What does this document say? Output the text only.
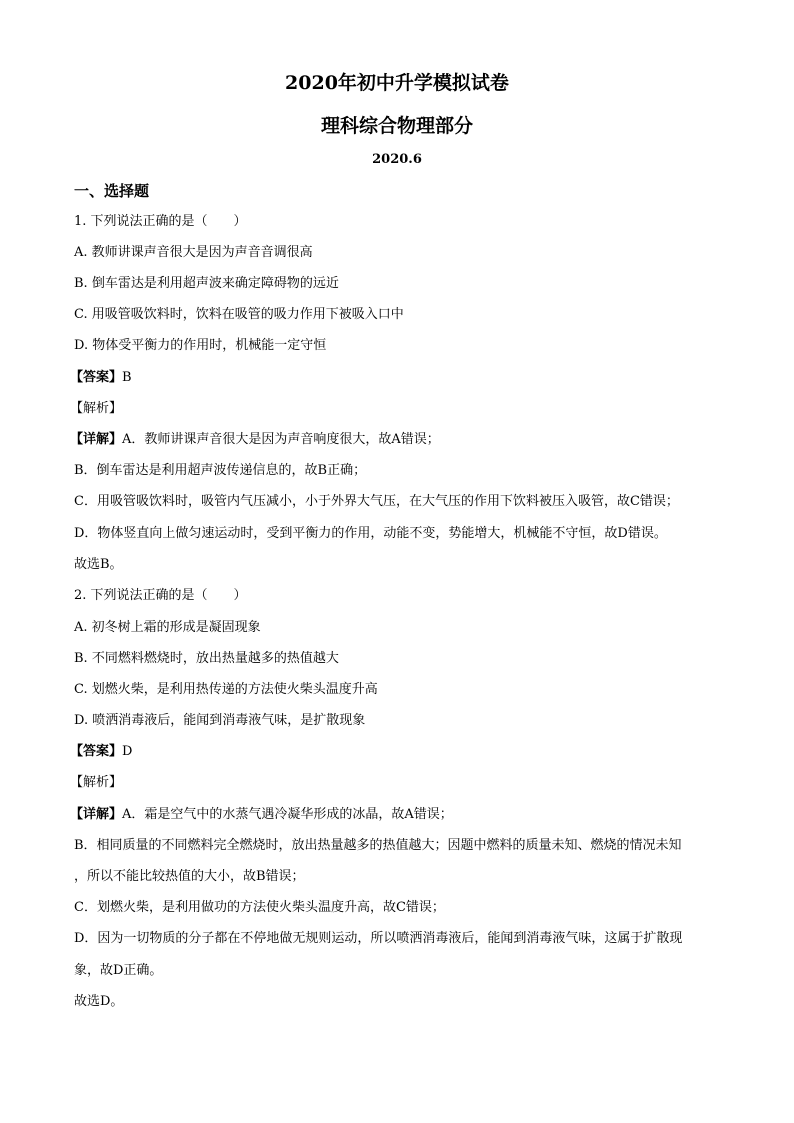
2020年初中升学模拟试卷
理科综合物理部分
2020.6
一、选择题
1. 下列说法正确的是（　　）
A. 教师讲课声音很大是因为声音音调很高
B. 倒车雷达是利用超声波来确定障碍物的远近
C. 用吸管吸饮料时，饮料在吸管的吸力作用下被吸入口中
D. 物体受平衡力的作用时，机械能一定守恒
【答案】B
【解析】
【详解】A．教师讲课声音很大是因为声音响度很大，故A错误；
B．倒车雷达是利用超声波传递信息的，故B正确；
C．用吸管吸饮料时，吸管内气压减小，小于外界大气压，在大气压的作用下饮料被压入吸管，故C错误；
D．物体竖直向上做匀速运动时，受到平衡力的作用，动能不变，势能增大，机械能不守恒，故D错误。
故选B。
2. 下列说法正确的是（　　）
A. 初冬树上霜的形成是凝固现象
B. 不同燃料燃烧时，放出热量越多的热值越大
C. 划燃火柴，是利用热传递的方法使火柴头温度升高
D. 喷洒消毒液后，能闻到消毒液气味，是扩散现象
【答案】D
【解析】
【详解】A．霜是空气中的水蒸气遇冷凝华形成的冰晶，故A错误；
B．相同质量的不同燃料完全燃烧时，放出热量越多的热值越大；因题中燃料的质量未知、燃烧的情况未知
，所以不能比较热值的大小，故B错误；
C．划燃火柴，是利用做功的方法使火柴头温度升高，故C错误；
D．因为一切物质的分子都在不停地做无规则运动，所以喷洒消毒液后，能闻到消毒液气味，这属于扩散现
象，故D正确。
故选D。
